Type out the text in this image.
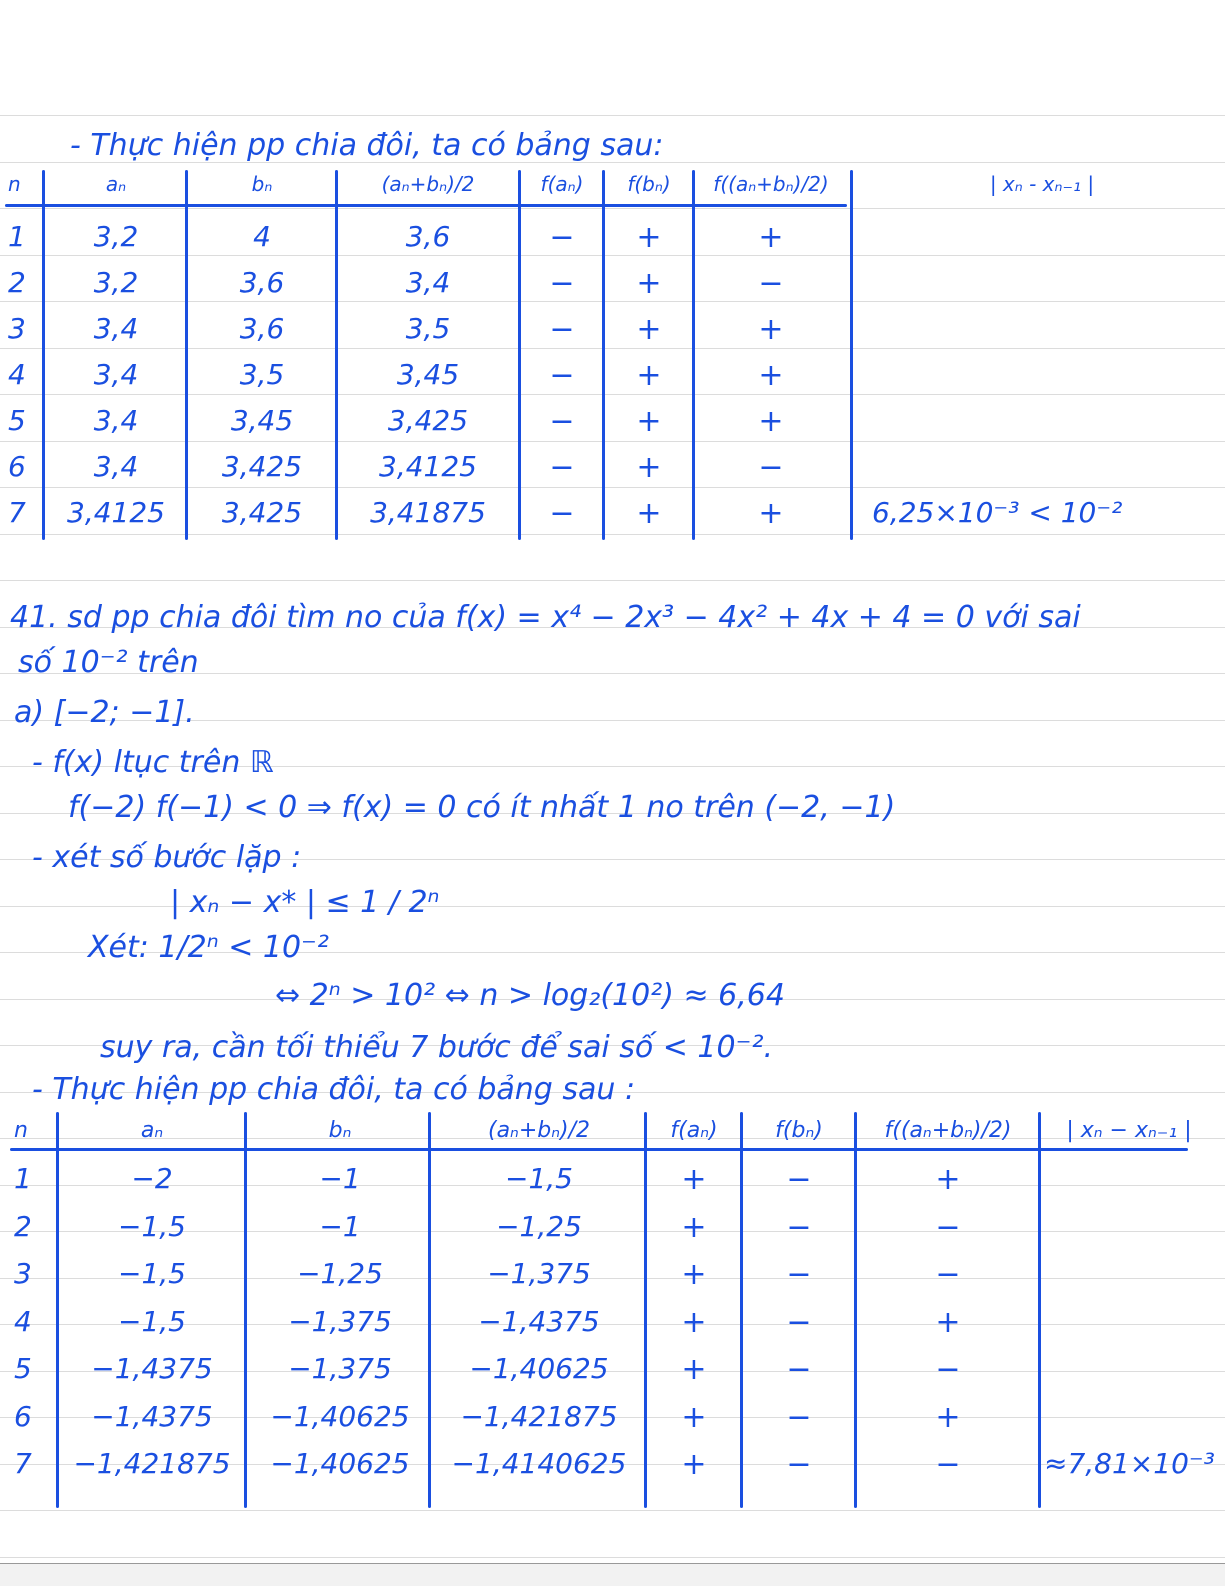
- Thực hiện pp chia đôi, ta có bảng sau:
n	aₙ	bₙ	(aₙ+bₙ)/2	f(aₙ)	f(bₙ)	f((aₙ+bₙ)/2)	| xₙ - xₙ₋₁ |
1	3,2	4	3,6	−	+	+
2	3,2	3,6	3,4	−	+	−
3	3,4	3,6	3,5	−	+	+
4	3,4	3,5	3,45	−	+	+
5	3,4	3,45	3,425	−	+	+
6	3,4	3,425	3,4125	−	+	−
7	3,4125	3,425	3,41875	−	+	+	6,25×10⁻³ < 10⁻²
41. sd pp chia đôi tìm no của f(x) = x⁴ − 2x³ − 4x² + 4x + 4 = 0 với sai
số 10⁻² trên
a) [−2; −1].
- f(x) ltục trên ℝ
f(−2) f(−1) < 0 ⇒ f(x) = 0 có ít nhất 1 no trên (−2, −1)
- xét số bước lặp :
| xₙ − x* | ≤ 1 / 2ⁿ
Xét: 1/2ⁿ < 10⁻²
⇔ 2ⁿ > 10² ⇔ n > log₂(10²) ≈ 6,64
suy ra, cần tối thiểu 7 bước để sai số < 10⁻².
- Thực hiện pp chia đôi, ta có bảng sau :
n	aₙ	bₙ	(aₙ+bₙ)/2	f(aₙ)	f(bₙ)	f((aₙ+bₙ)/2)	| xₙ − xₙ₋₁ |
1	−2	−1	−1,5	+	−	+
2	−1,5	−1	−1,25	+	−	−
3	−1,5	−1,25	−1,375	+	−	−
4	−1,5	−1,375	−1,4375	+	−	+
5	−1,4375	−1,375	−1,40625	+	−	−
6	−1,4375	−1,40625	−1,421875	+	−	+
7	−1,421875	−1,40625	−1,4140625	+	−	−	≈7,81×10⁻³
